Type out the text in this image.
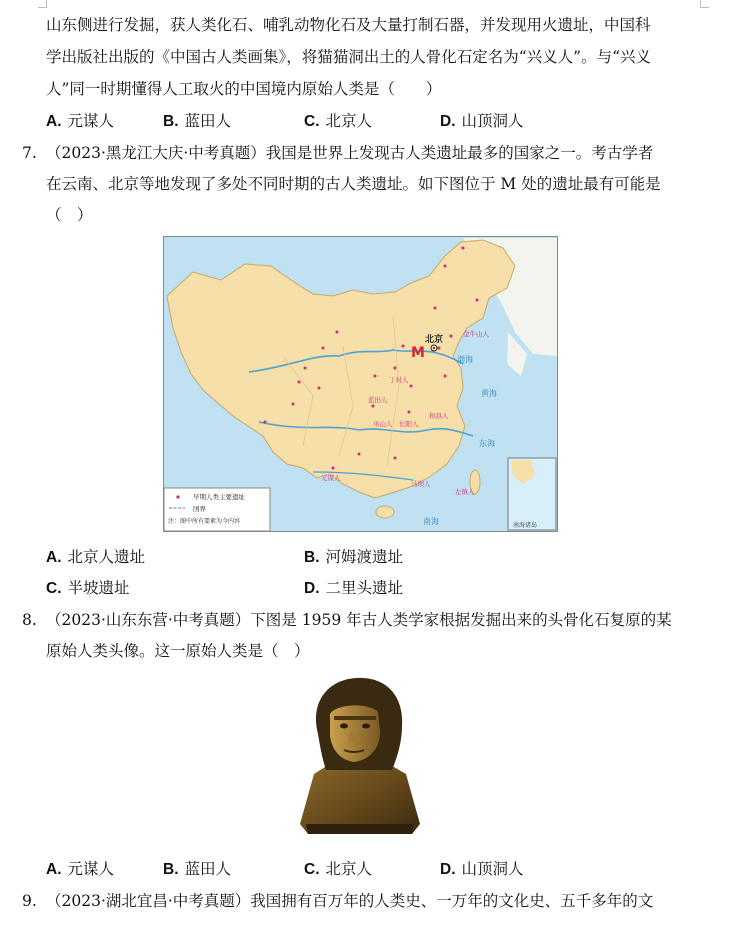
山东侧进行发掘，获人类化石、哺乳动物化石及大量打制石器，并发现用火遗址，中国科
学出版社出版的《中国古人类画集》，将猫猫洞出土的人骨化石定名为“兴义人”。与“兴义
人”同一时期懂得人工取火的中国境内原始人类是（　　）
A. 元谋人	B. 蓝田人	C. 北京人	D. 山顶洞人
7. （2023·黑龙江大庆·中考真题）我国是世界上发现古人类遗址最多的国家之一。考古学者
在云南、北京等地发现了多处不同时期的古人类遗址。如下图位于 M 处的遗址最有可能是
（　）
南海诸岛
早期人类主要遗址
国界
注：图中所有要素为今内容
渤海
黄海
东海
南海
金牛山人
丁村人
蓝田人
巫山人 长阳人
和县人
元谋人
马坝人
左镇人
北京
M
A. 北京人遗址	B. 河姆渡遗址
C. 半坡遗址	D. 二里头遗址
8. （2023·山东东营·中考真题）下图是 1959 年古人类学家根据发掘出来的头骨化石复原的某
原始人类头像。这一原始人类是（　）
A. 元谋人	B. 蓝田人	C. 北京人	D. 山顶洞人
9. （2023·湖北宜昌·中考真题）我国拥有百万年的人类史、一万年的文化史、五千多年的文
